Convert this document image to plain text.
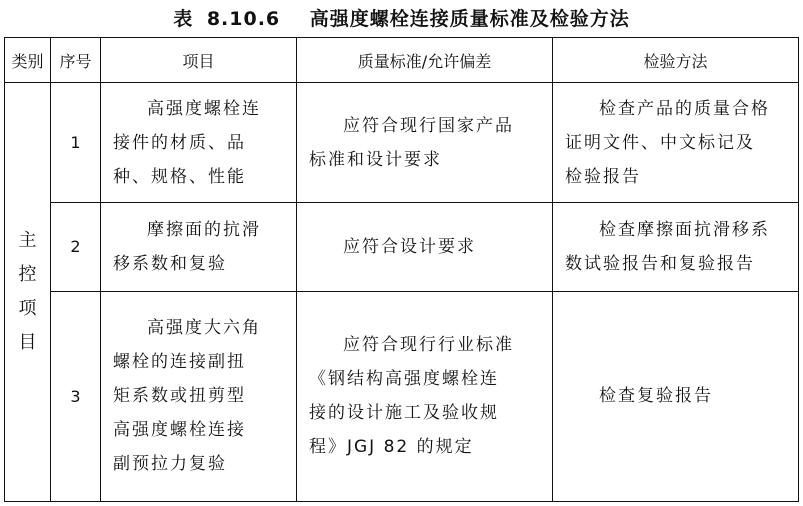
表 8.10.6 高强度螺栓连接质量标准及检验方法
类别	序号	项目	质量标准/允许偏差	检验方法

主控项目	1	高强度螺栓连
接件的材质、品
种、规格、性能	应符合现行国家产品
标准和设计要求	检查产品的质量合格
证明文件、中文标记及
检验报告

	2	摩擦面的抗滑
移系数和复验	应符合设计要求	检查摩擦面抗滑移系
数试验报告和复验报告

	3	高强度大六角
螺栓的连接副扭
矩系数或扭剪型
高强度螺栓连接
副预拉力复验	应符合现行行业标准
《钢结构高强度螺栓连
接的设计施工及验收规
程》JGJ 82 的规定	检查复验报告
